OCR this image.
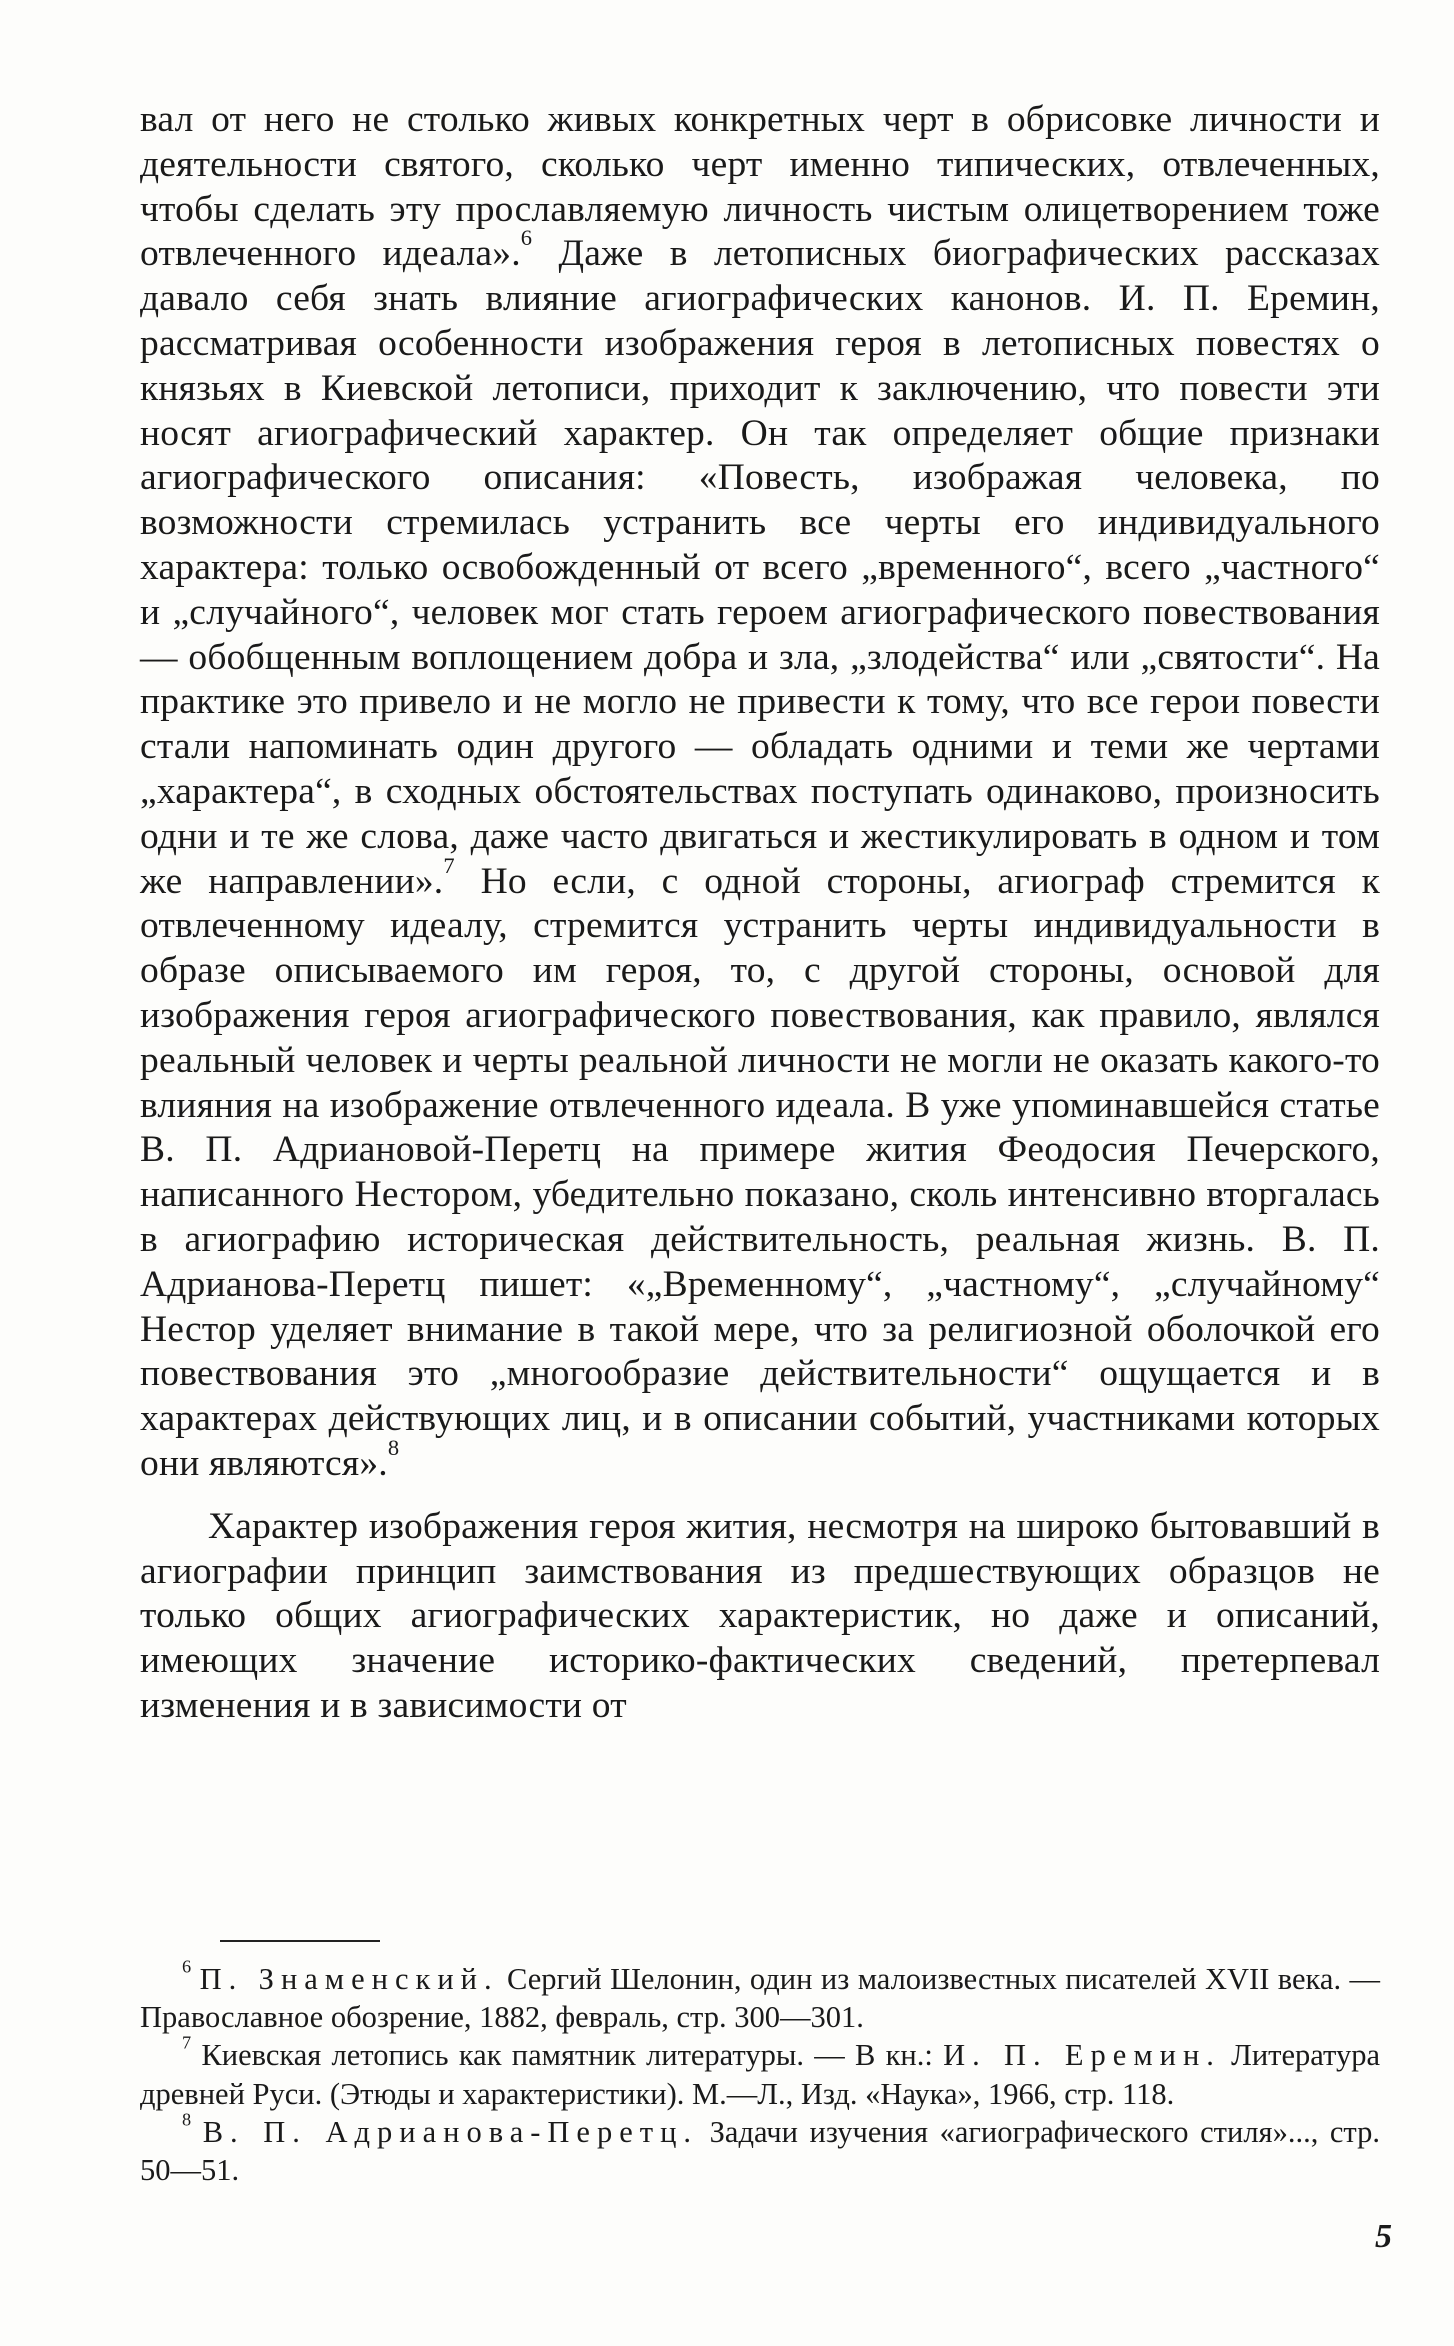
вал от него не столько живых конкретных черт в обрисовке личности и деятельности святого, сколько черт именно типических, отвлеченных, чтобы сделать эту прославляемую личность чистым олицетворением тоже отвлеченного идеала».$^6$ Даже в летописных биографических рассказах давало себя знать влияние агиографических канонов. И. П. Еремин, рассматривая особенности изображения героя в летописных повестях о князьях в Киевской летописи, приходит к заключению, что повести эти носят агиографический характер. Он так определяет общие признаки агиографического описания: «Повесть, изображая человека, по возможности стремилась устранить все черты его индивидуального характера: только освобожденный от всего „временного“, всего „частного“ и „случайного“, человек мог стать героем агиографического повествования — обобщенным воплощением добра и зла, „злодейства“ или „святости“. На практике это привело и не могло не привести к тому, что все герои повести стали напоминать один другого — обладать одними и теми же чертами „характера“, в сходных обстоятельствах поступать одинаково, произносить одни и те же слова, даже часто двигаться и жестикулировать в одном и том же направлении».$^7$ Но если, с одной стороны, агиограф стремится к отвлеченному идеалу, стремится устранить черты индивидуальности в образе описываемого им героя, то, с другой стороны, основой для изображения героя агиографического повествования, как правило, являлся реальный человек и черты реальной личности не могли не оказать какого-то влияния на изображение отвлеченного идеала. В уже упоминавшейся статье В. П. Адриановой-Перетц на примере жития Феодосия Печерского, написанного Нестором, убедительно показано, сколь интенсивно вторгалась в агиографию историческая действительность, реальная жизнь. В. П. Адрианова-Перетц пишет: «„Временному“, „частному“, „случайному“ Нестор уделяет внимание в такой мере, что за религиозной оболочкой его повествования это „многообразие действительности“ ощущается и в характерах действующих лиц, и в описании событий, участниками которых они являются».$^8$

Характер изображения героя жития, несмотря на широко бытовавший в агиографии принцип заимствования из предшествующих образцов не только общих агиографических характеристик, но даже и описаний, имеющих значение историко-фактических сведений, претерпевал изменения и в зависимости от

$^6$ П. Знаменский. Сергий Шелонин, один из малоизвестных писателей XVII века. — Православное обозрение, 1882, февраль, стр. 300—301.

$^7$ Киевская летопись как памятник литературы. — В кн.: И. П. Еремин. Литература древней Руси. (Этюды и характеристики). М.—Л., Изд. «Наука», 1966, стр. 118.

$^8$ В. П. Адрианова-Перетц. Задачи изучения «агиографического стиля»..., стр. 50—51.

5
